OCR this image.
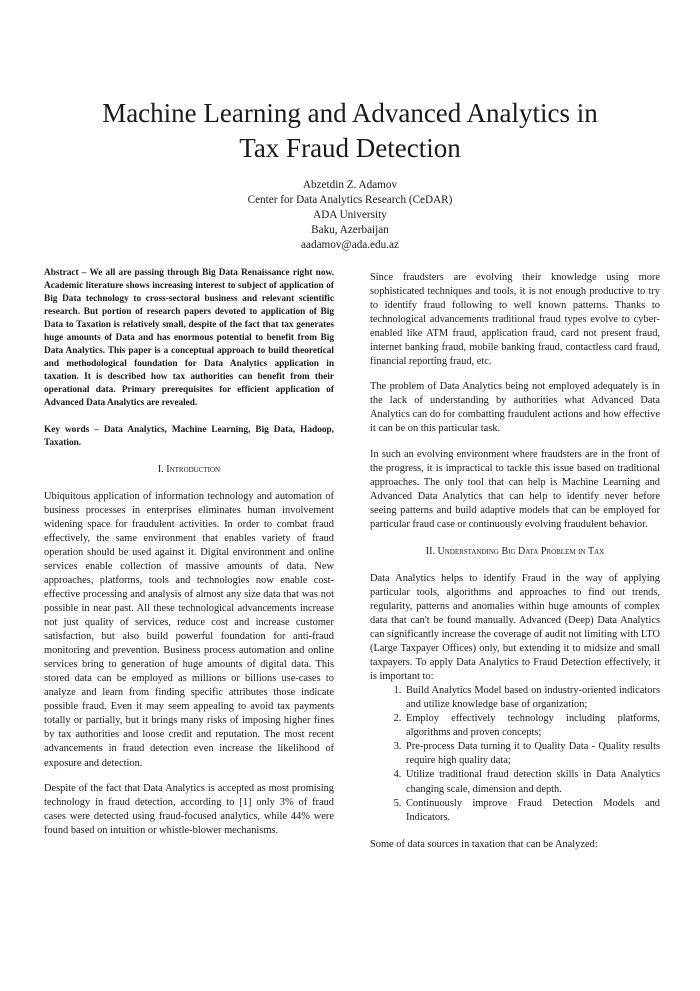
Machine Learning and Advanced Analytics in
Tax Fraud Detection
Abzetdin Z. Adamov
Center for Data Analytics Research (CeDAR)
ADA University
Baku, Azerbaijan
aadamov@ada.edu.az

Abstract – We all are passing through Big Data Renaissance right now. Academic literature shows increasing interest to subject of application of Big Data technology to cross-sectoral business and relevant scientific research. But portion of research papers devoted to application of Big Data to Taxation is relatively small, despite of the fact that tax generates huge amounts of Data and has enormous potential to benefit from Big Data Analytics. This paper is a conceptual approach to build theoretical and methodological foundation for Data Analytics application in taxation. It is described how tax authorities can benefit from their operational data. Primary prerequisites for efficient application of Advanced Data Analytics are revealed.

Key words – Data Analytics, Machine Learning, Big Data, Hadoop, Taxation.

I. Introduction

Ubiquitous application of information technology and automation of business processes in enterprises eliminates human involvement widening space for fraudulent activities. In order to combat fraud effectively, the same environment that enables variety of fraud operation should be used against it. Digital environment and online services enable collection of massive amounts of data. New approaches, platforms, tools and technologies now enable cost-effective processing and analysis of almost any size data that was not possible in near past. All these technological advancements increase not just quality of services, reduce cost and increase customer satisfaction, but also build powerful foundation for anti-fraud monitoring and prevention. Business process automation and online services bring to generation of huge amounts of digital data. This stored data can be employed as millions or billions use-cases to analyze and learn from finding specific attributes those indicate possible fraud. Even it may seem appealing to avoid tax payments totally or partially, but it brings many risks of imposing higher fines by tax authorities and loose credit and reputation. The most recent advancements in fraud detection even increase the likelihood of exposure and detection.

Despite of the fact that Data Analytics is accepted as most promising technology in fraud detection, according to [1] only 3% of fraud cases were detected using fraud-focused analytics, while 44% were found based on intuition or whistle-blower mechanisms.

Since fraudsters are evolving their knowledge using more sophisticated techniques and tools, it is not enough productive to try to identify fraud following to well known patterns. Thanks to technological advancements traditional fraud types evolve to cyber-enabled like ATM fraud, application fraud, card not present fraud, internet banking fraud, mobile banking fraud, contactless card fraud, financial reporting fraud, etc.

The problem of Data Analytics being not employed adequately is in the lack of understanding by authorities what Advanced Data Analytics can do for combatting fraudulent actions and how effective it can be on this particular task.

In such an evolving environment where fraudsters are in the front of the progress, it is impractical to tackle this issue based on traditional approaches. The only tool that can help is Machine Learning and Advanced Data Analytics that can help to identify never before seeing patterns and build adaptive models that can be employed for particular fraud case or continuously evolving fraudulent behavior.

II. Understanding Big Data Problem in Tax

Data Analytics helps to identify Fraud in the way of applying particular tools, algorithms and approaches to find out trends, regularity, patterns and anomalies within huge amounts of complex data that can't be found manually. Advanced (Deep) Data Analytics can significantly increase the coverage of audit not limiting with LTO (Large Taxpayer Offices) only, but extending it to midsize and small taxpayers. To apply Data Analytics to Fraud Detection effectively, it is important to:

1. Build Analytics Model based on industry-oriented indicators and utilize knowledge base of organization;
2. Employ effectively technology including platforms, algorithms and proven concepts;
3. Pre-process Data turning it to Quality Data - Quality results require high quality data;
4. Utilize traditional fraud detection skills in Data Analytics changing scale, dimension and depth.
5. Continuously improve Fraud Detection Models and Indicators.

Some of data sources in taxation that can be Analyzed:
